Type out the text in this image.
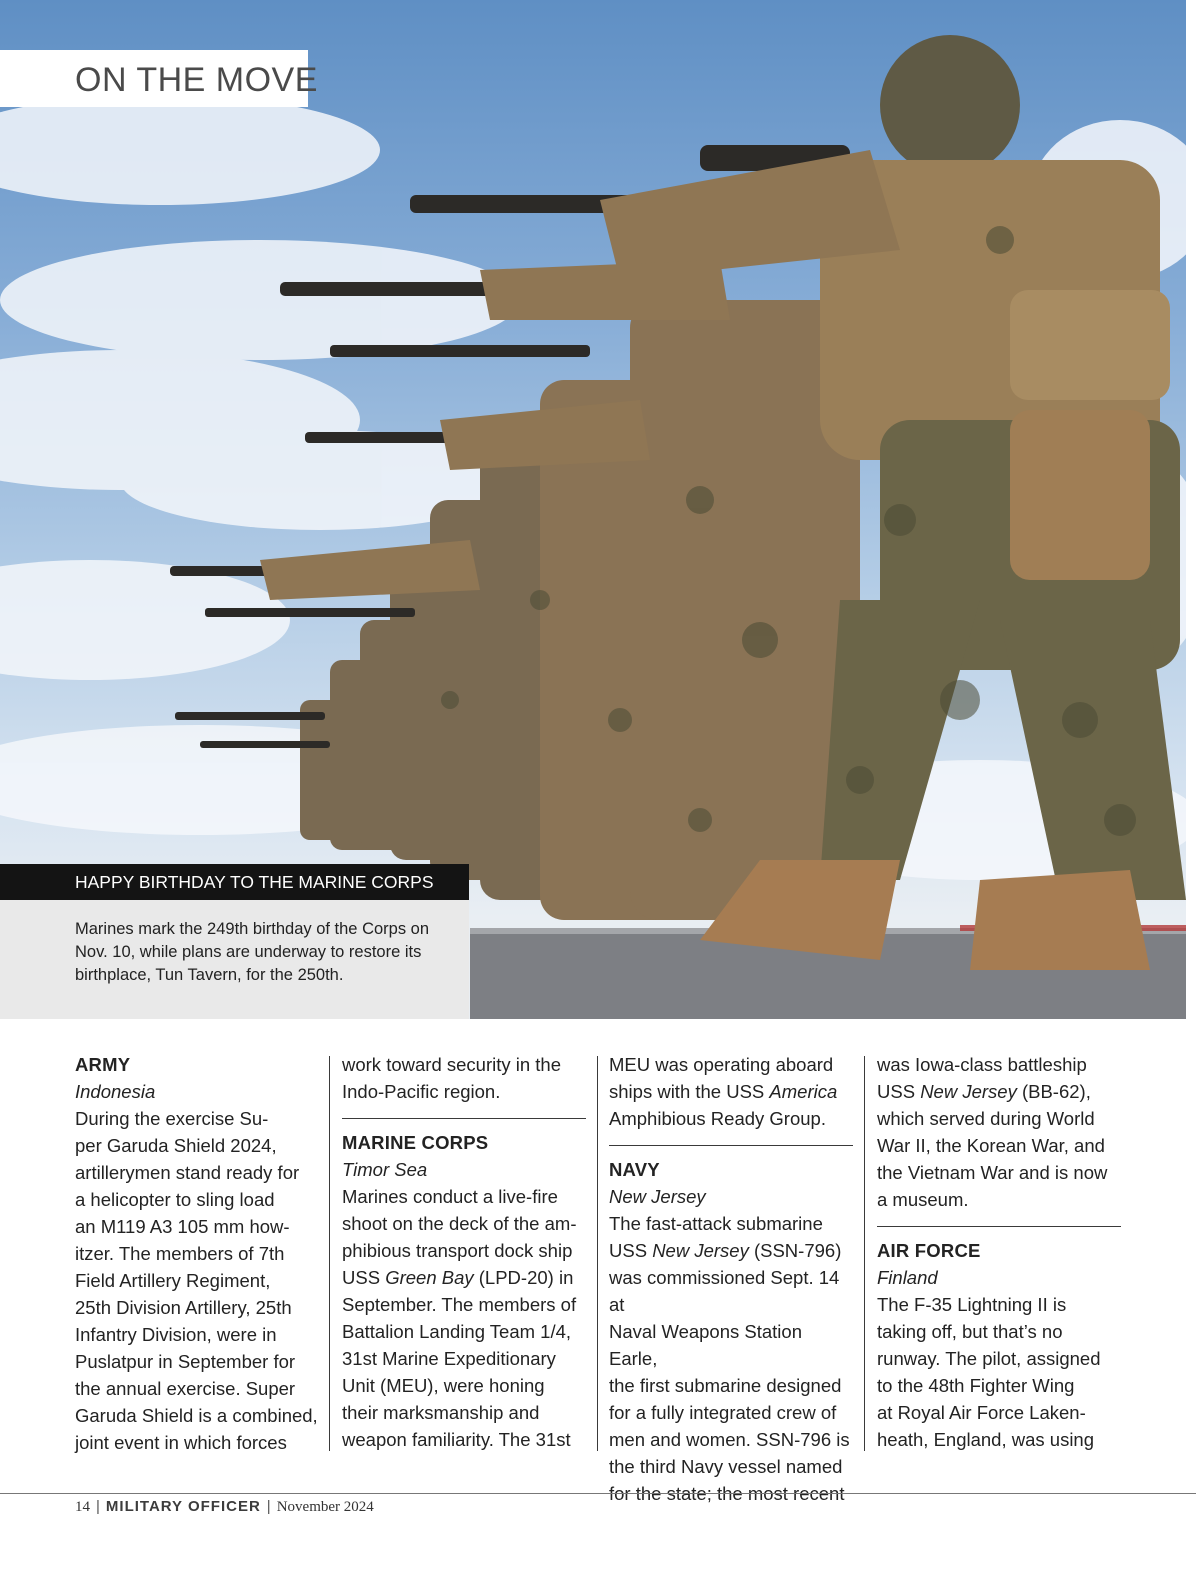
ON THE MOVE
HAPPY BIRTHDAY TO THE MARINE CORPS

Marines mark the 249th birthday of the Corps on Nov. 10, while plans are underway to restore its birthplace, Tun Tavern, for the 250th.

ARMY

Indonesia

During the exercise Su-

per Garuda Shield 2024,

artillerymen stand ready for

a helicopter to sling load

an M119 A3 105 mm how-

itzer. The members of 7th

Field Artillery Regiment,

25th Division Artillery, 25th

Infantry Division, were in

Puslatpur in September for

the annual exercise. Super

Garuda Shield is a combined,

joint event in which forces

work toward security in the

Indo-Pacific region.

MARINE CORPS

Timor Sea

Marines conduct a live-fire

shoot on the deck of the am-

phibious transport dock ship

USS Green Bay (LPD-20) in

September. The members of

Battalion Landing Team 1/4,

31st Marine Expeditionary

Unit (MEU), were honing

their marksmanship and

weapon familiarity. The 31st

MEU was operating aboard

ships with the USS America

Amphibious Ready Group.

NAVY

New Jersey

The fast-attack submarine

USS New Jersey (SSN-796)

was commissioned Sept. 14 at

Naval Weapons Station Earle,

the first submarine designed

for a fully integrated crew of

men and women. SSN-796 is

the third Navy vessel named

for the state; the most recent

was Iowa-class battleship

USS New Jersey (BB-62),

which served during World

War II, the Korean War, and

the Vietnam War and is now

a museum.

AIR FORCE

Finland

The F-35 Lightning II is

taking off, but that’s no

runway. The pilot, assigned

to the 48th Fighter Wing

at Royal Air Force Laken-

heath, England, was using

14 | MILITARY OFFICER | November 2024
